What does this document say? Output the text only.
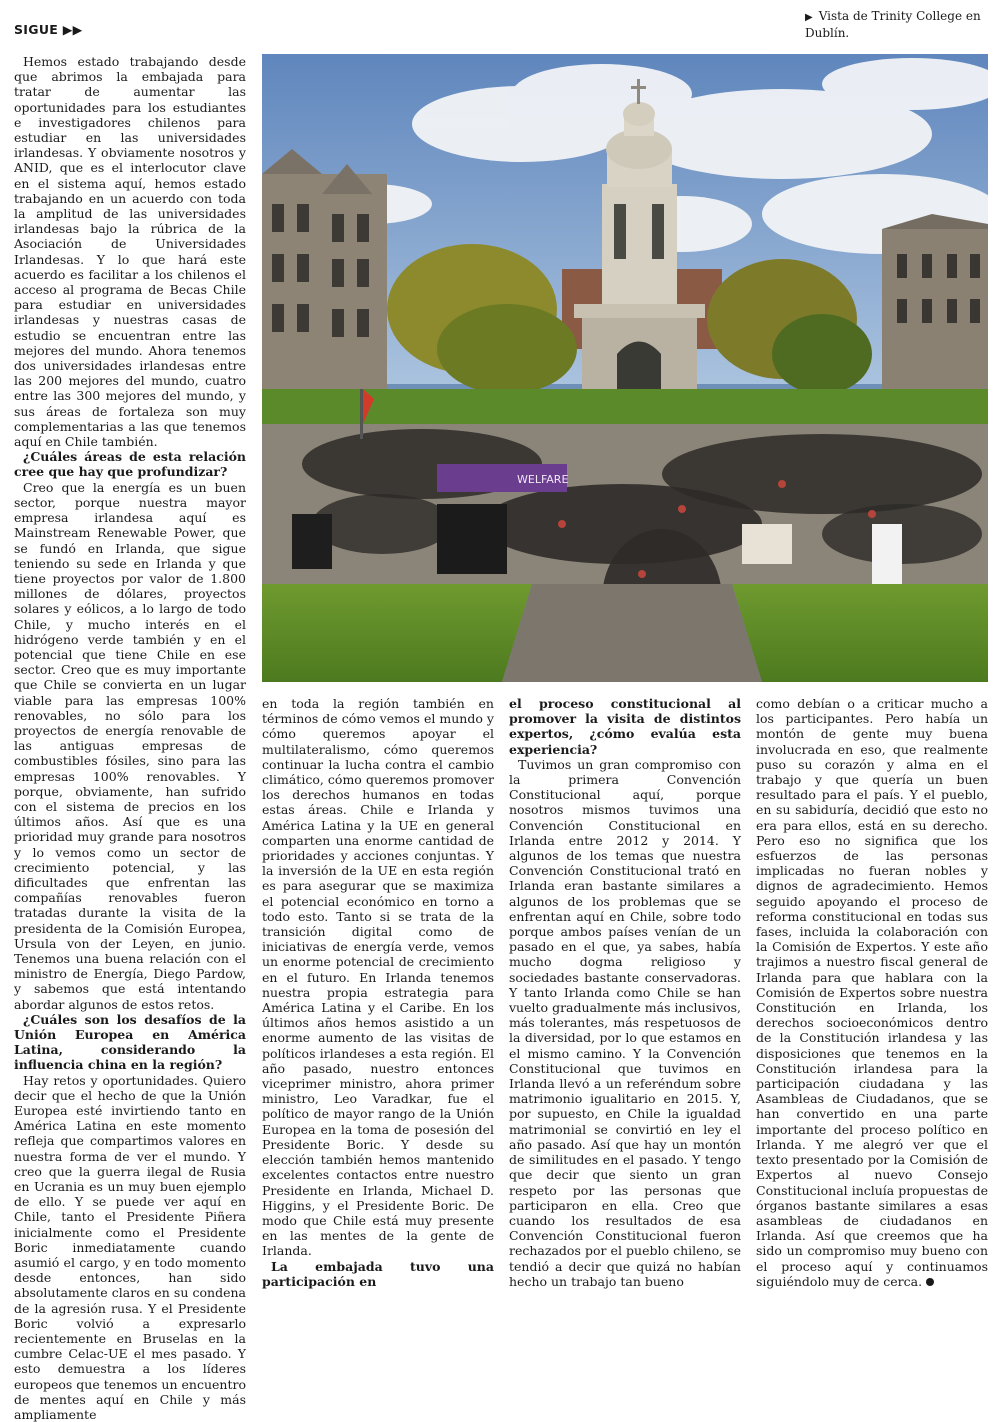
SIGUE ▶▶
▶ Vista de Trinity College en Dublín.
WELFARE

Hemos estado trabajando desde que abrimos la embajada para tratar de aumentar las oportunidades para los estudiantes e investigadores chilenos para estudiar en las universidades irlandesas. Y obviamente nosotros y ANID, que es el interlocutor clave en el sistema aquí, hemos estado trabajando en un acuerdo con toda la amplitud de las universidades irlandesas bajo la rúbrica de la Asociación de Universidades Irlandesas. Y lo que hará este acuerdo es facilitar a los chilenos el acceso al programa de Becas Chile para estudiar en universidades irlandesas y nuestras casas de estudio se encuentran entre las mejores del mundo. Ahora tenemos dos universidades irlandesas entre las 200 mejores del mundo, cuatro entre las 300 mejores del mundo, y sus áreas de fortaleza son muy complementarias a las que tenemos aquí en Chile también.

¿Cuáles áreas de esta relación cree que hay que profundizar?

Creo que la energía es un buen sector, porque nuestra mayor empresa irlandesa aquí es Mainstream Renewable Power, que se fundó en Irlanda, que sigue teniendo su sede en Irlanda y que tiene proyectos por valor de 1.800 millones de dólares, proyectos solares y eólicos, a lo largo de todo Chile, y mucho interés en el hidrógeno verde también y en el potencial que tiene Chile en ese sector. Creo que es muy importante que Chile se convierta en un lugar viable para las empresas 100% renovables, no sólo para los proyectos de energía renovable de las antiguas empresas de combustibles fósiles, sino para las empresas 100% renovables. Y porque, obviamente, han sufrido con el sistema de precios en los últimos años. Así que es una prioridad muy grande para nosotros y lo vemos como un sector de crecimiento potencial, y las dificultades que enfrentan las compañías renovables fueron tratadas durante la visita de la presidenta de la Comisión Europea, Ursula von der Leyen, en junio. Tenemos una buena relación con el ministro de Energía, Diego Pardow, y sabemos que está intentando abordar algunos de estos retos.

¿Cuáles son los desafíos de la Unión Europea en América Latina, considerando la influencia china en la región?

Hay retos y oportunidades. Quiero decir que el hecho de que la Unión Europea esté invirtiendo tanto en América Latina en este momento refleja que compartimos valores en nuestra forma de ver el mundo. Y creo que la guerra ilegal de Rusia en Ucrania es un muy buen ejemplo de ello. Y se puede ver aquí en Chile, tanto el Presidente Piñera inicialmente como el Presidente Boric inmediatamente cuando asumió el cargo, y en todo momento desde entonces, han sido absolutamente claros en su condena de la agresión rusa. Y el Presidente Boric volvió a expresarlo recientemente en Bruselas en la cumbre Celac-UE el mes pasado. Y esto demuestra a los líderes europeos que tenemos un encuentro de mentes aquí en Chile y más ampliamente

en toda la región también en términos de cómo vemos el mundo y cómo queremos apoyar el multilateralismo, cómo queremos continuar la lucha contra el cambio climático, cómo queremos promover los derechos humanos en todas estas áreas. Chile e Irlanda y América Latina y la UE en general comparten una enorme cantidad de prioridades y acciones conjuntas. Y la inversión de la UE en esta región es para asegurar que se maximiza el potencial económico en torno a todo esto. Tanto si se trata de la transición digital como de iniciativas de energía verde, vemos un enorme potencial de crecimiento en el futuro. En Irlanda tenemos nuestra propia estrategia para América Latina y el Caribe. En los últimos años hemos asistido a un enorme aumento de las visitas de políticos irlandeses a esta región. El año pasado, nuestro entonces viceprimer ministro, ahora primer ministro, Leo Varadkar, fue el político de mayor rango de la Unión Europea en la toma de posesión del Presidente Boric. Y desde su elección también hemos mantenido excelentes contactos entre nuestro Presidente en Irlanda, Michael D. Higgins, y el Presidente Boric. De modo que Chile está muy presente en las mentes de la gente de Irlanda.

La embajada tuvo una participación en

el proceso constitucional al promover la visita de distintos expertos, ¿cómo evalúa esta experiencia?

Tuvimos un gran compromiso con la primera Convención Constitucional aquí, porque nosotros mismos tuvimos una Convención Constitucional en Irlanda entre 2012 y 2014. Y algunos de los temas que nuestra Convención Constitucional trató en Irlanda eran bastante similares a algunos de los problemas que se enfrentan aquí en Chile, sobre todo porque ambos países venían de un pasado en el que, ya sabes, había mucho dogma religioso y sociedades bastante conservadoras. Y tanto Irlanda como Chile se han vuelto gradualmente más inclusivos, más tolerantes, más respetuosos de la diversidad, por lo que estamos en el mismo camino. Y la Convención Constitucional que tuvimos en Irlanda llevó a un referéndum sobre matrimonio igualitario en 2015. Y, por supuesto, en Chile la igualdad matrimonial se convirtió en ley el año pasado. Así que hay un montón de similitudes en el pasado. Y tengo que decir que siento un gran respeto por las personas que participaron en ella. Creo que cuando los resultados de esa Convención Constitucional fueron rechazados por el pueblo chileno, se tendió a decir que quizá no habían hecho un trabajo tan bueno

como debían o a criticar mucho a los participantes. Pero había un montón de gente muy buena involucrada en eso, que realmente puso su corazón y alma en el trabajo y que quería un buen resultado para el país. Y el pueblo, en su sabiduría, decidió que esto no era para ellos, está en su derecho. Pero eso no significa que los esfuerzos de las personas implicadas no fueran nobles y dignos de agradecimiento. Hemos seguido apoyando el proceso de reforma constitucional en todas sus fases, incluida la colaboración con la Comisión de Expertos. Y este año trajimos a nuestro fiscal general de Irlanda para que hablara con la Comisión de Expertos sobre nuestra Constitución en Irlanda, los derechos socioeconómicos dentro de la Constitución irlandesa y las disposiciones que tenemos en la Constitución irlandesa para la participación ciudadana y las Asambleas de Ciudadanos, que se han convertido en una parte importante del proceso político en Irlanda. Y me alegró ver que el texto presentado por la Comisión de Expertos al nuevo Consejo Constitucional incluía propuestas de órganos bastante similares a esas asambleas de ciudadanos en Irlanda. Así que creemos que ha sido un compromiso muy bueno con el proceso aquí y continuamos siguiéndolo muy de cerca.
